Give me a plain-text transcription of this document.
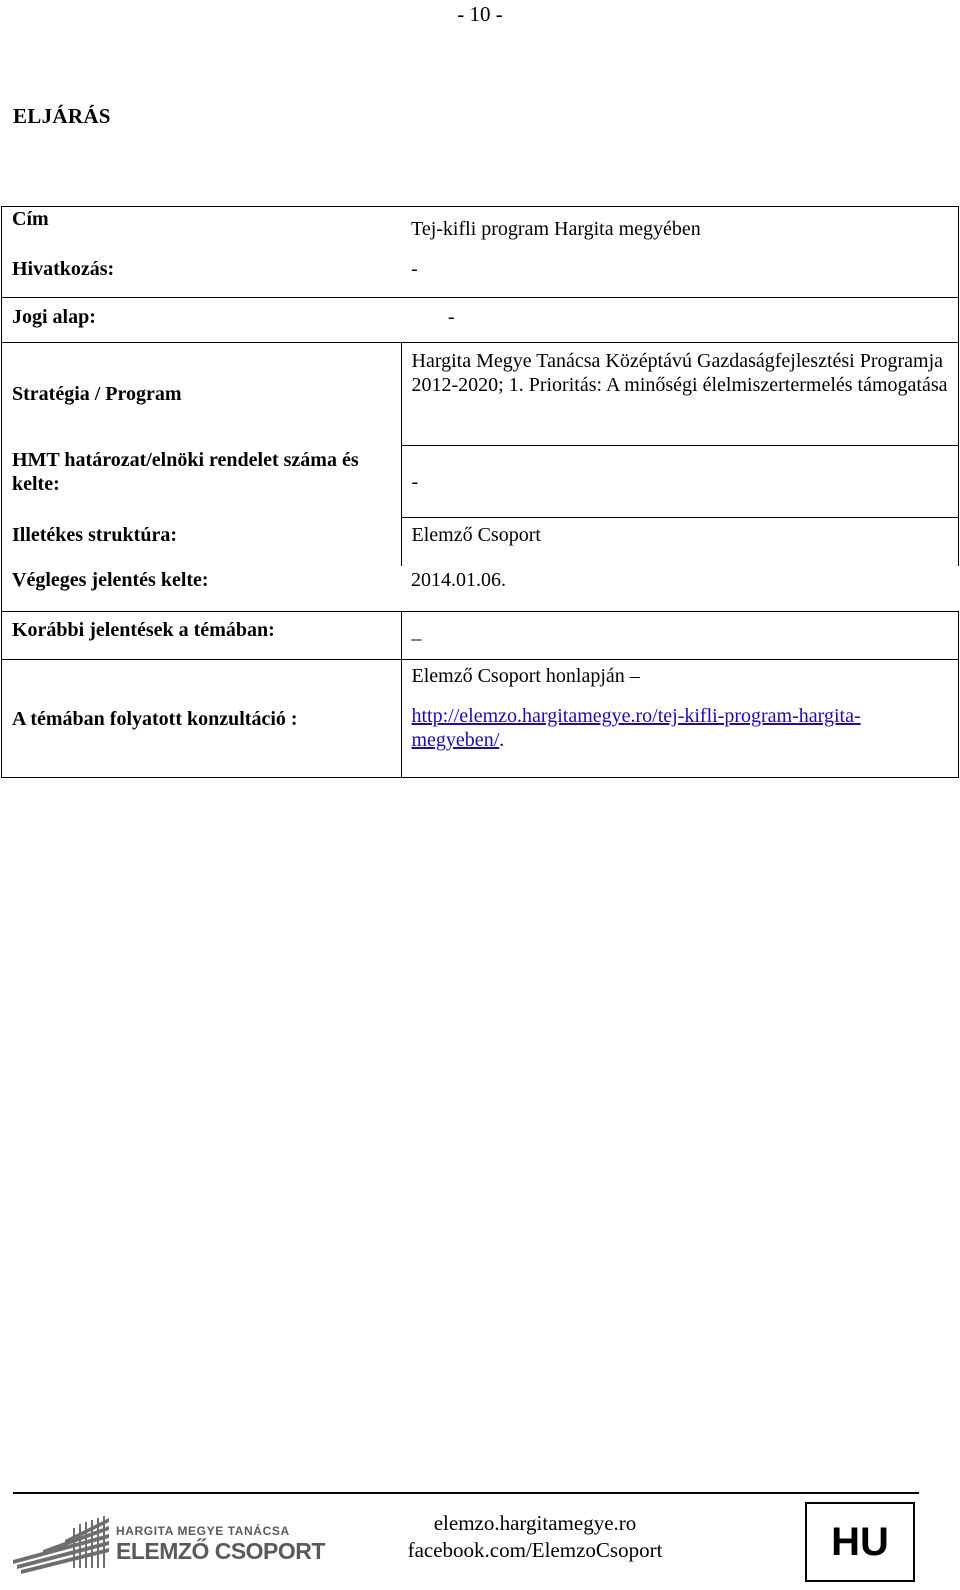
- 10 -
ELJÁRÁS
Cím	Tej-kifli program Hargita megyében
Hivatkozás:	-
Jogi alap:	-
Stratégia / Program	Hargita Megye Tanácsa Középtávú Gazdaságfejlesztési Programja 2012-2020; 1. Prioritás: A minőségi élelmiszertermelés támogatása
HMT határozat/elnöki rendelet száma és kelte:	-
Illetékes struktúra:	Elemző Csoport
Végleges jelentés kelte:	2014.01.06.
Korábbi jelentések a témában:	_
A témában folyatott konzultáció :	Elemző Csoport honlapján –
http://elemzo.hargitamegye.ro/tej-kifli-program-hargita-megyeben/.
HARGITA MEGYE TANÁCSA
ELEMZŐ CSOPORT
elemzo.hargitamegye.ro
facebook.com/ElemzoCsoport	HU
